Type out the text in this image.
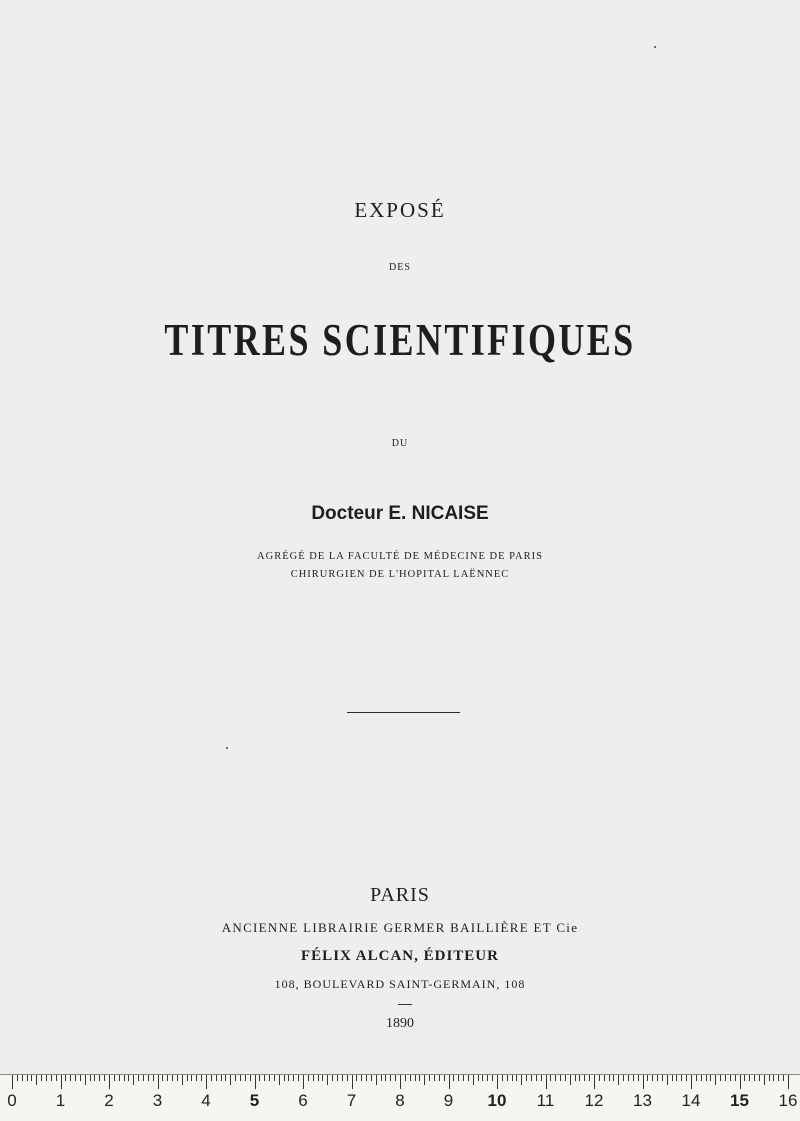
EXPOSÉ
DES
TITRES SCIENTIFIQUES
DU
Docteur E. NICAISE
AGRÉGÉ DE LA FACULTÉ DE MÉDECINE DE PARIS
CHIRURGIEN DE L'HOPITAL LAËNNEC
PARIS
ANCIENNE LIBRAIRIE GERMER BAILLIÈRE ET Cie
FÉLIX ALCAN, ÉDITEUR
108, BOULEVARD SAINT-GERMAIN, 108
1890
0 1 2 3 4 5 6 7 8 9 10 11 12 13 14 15 16
